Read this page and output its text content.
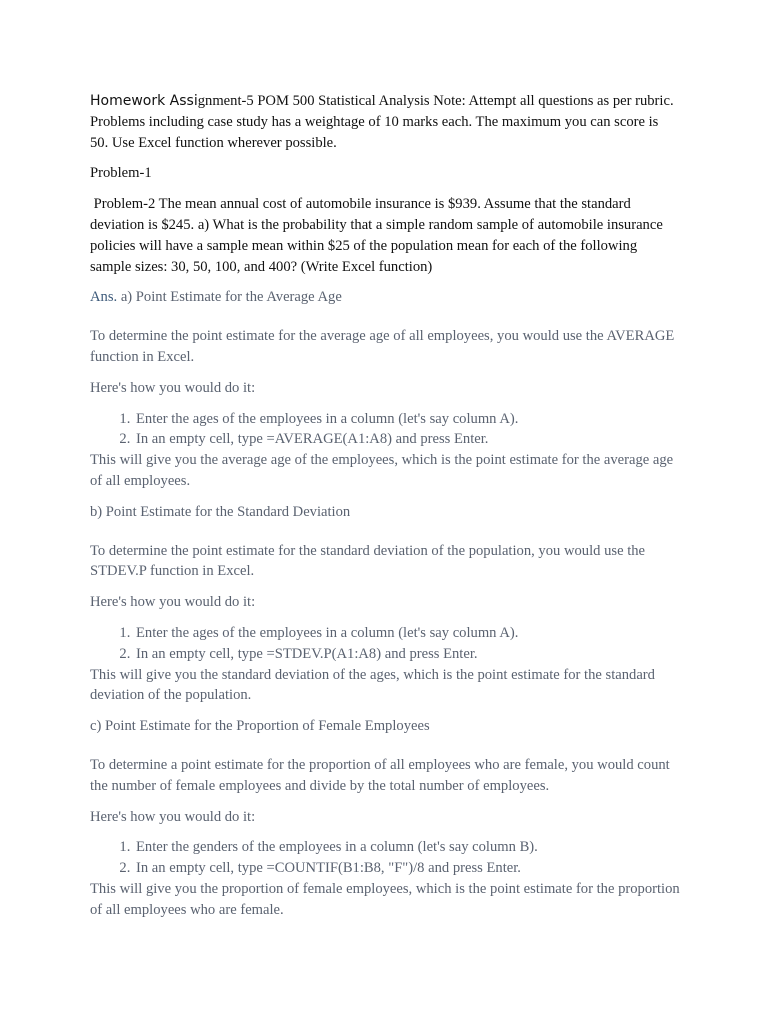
Homework Assignment-5 POM 500 Statistical Analysis Note: Attempt all questions as per rubric. Problems including case study has a weightage of 10 marks each. The maximum you can score is 50. Use Excel function wherever possible.

Problem-1

Problem-2 The mean annual cost of automobile insurance is $939. Assume that the standard deviation is $245. a) What is the probability that a simple random sample of automobile insurance policies will have a sample mean within $25 of the population mean for each of the following sample sizes: 30, 50, 100, and 400? (Write Excel function)

Ans. a) Point Estimate for the Average Age

To determine the point estimate for the average age of all employees, you would use the AVERAGE function in Excel.

Here's how you would do it:

1. Enter the ages of the employees in a column (let's say column A).
2. In an empty cell, type =AVERAGE(A1:A8) and press Enter.

This will give you the average age of the employees, which is the point estimate for the average age of all employees.

b) Point Estimate for the Standard Deviation

To determine the point estimate for the standard deviation of the population, you would use the STDEV.P function in Excel.

Here's how you would do it:

1. Enter the ages of the employees in a column (let's say column A).
2. In an empty cell, type =STDEV.P(A1:A8) and press Enter.

This will give you the standard deviation of the ages, which is the point estimate for the standard deviation of the population.

c) Point Estimate for the Proportion of Female Employees

To determine a point estimate for the proportion of all employees who are female, you would count the number of female employees and divide by the total number of employees.

Here's how you would do it:

1. Enter the genders of the employees in a column (let's say column B).
2. In an empty cell, type =COUNTIF(B1:B8, "F")/8 and press Enter.

This will give you the proportion of female employees, which is the point estimate for the proportion of all employees who are female.
